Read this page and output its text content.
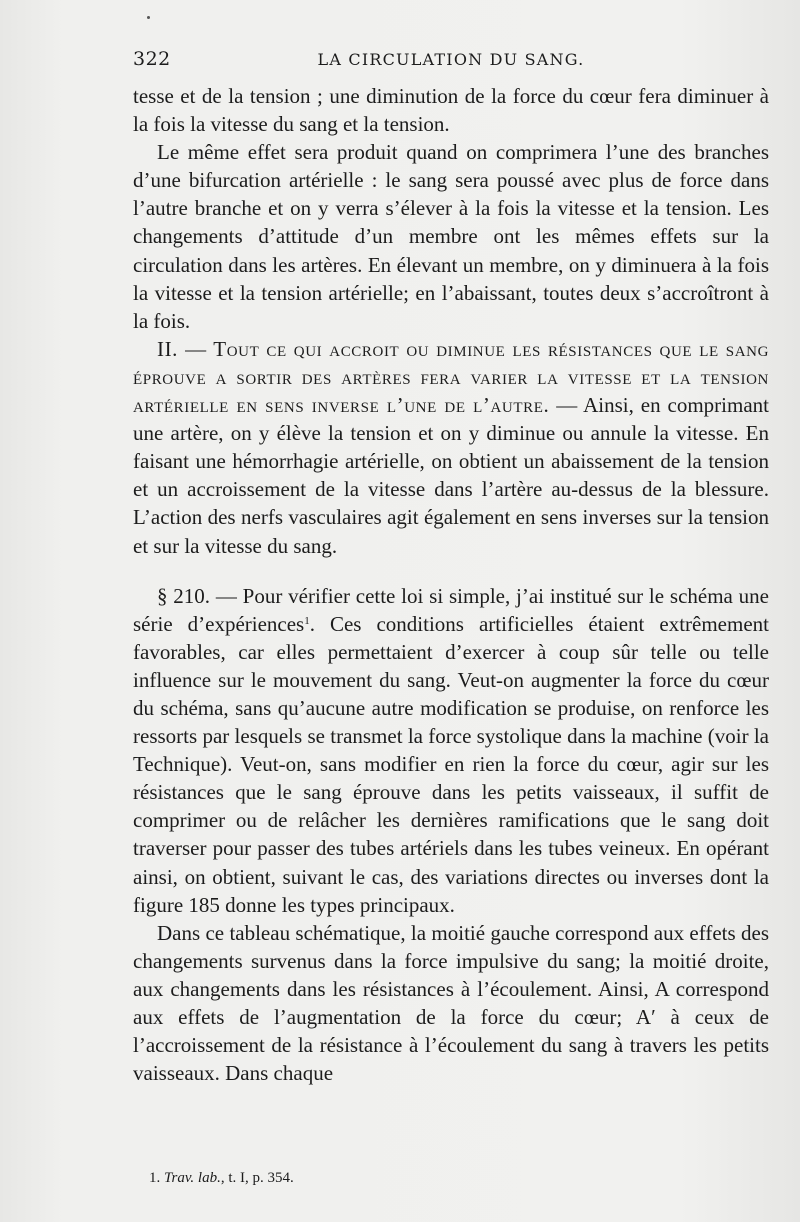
322	LA CIRCULATION DU SANG.

tesse et de la tension ; une diminution de la force du cœur fera diminuer à la fois la vitesse du sang et la tension.

Le même effet sera produit quand on comprimera l’une des branches d’une bifurcation artérielle : le sang sera poussé avec plus de force dans l’autre branche et on y verra s’élever à la fois la vitesse et la tension. Les changements d’attitude d’un membre ont les mêmes effets sur la circulation dans les artères. En élevant un membre, on y diminuera à la fois la vitesse et la tension artérielle; en l’abaissant, toutes deux s’accroîtront à la fois.

II. — Tout ce qui accroit ou diminue les résistances que le sang éprouve a sortir des artères fera varier la vitesse et la tension artérielle en sens inverse l’une de l’autre. — Ainsi, en comprimant une artère, on y élève la tension et on y diminue ou annule la vitesse. En faisant une hémorrhagie artérielle, on obtient un abaissement de la tension et un accroissement de la vitesse dans l’artère au-dessus de la blessure. L’action des nerfs vasculaires agit également en sens inverses sur la tension et sur la vitesse du sang.

§ 210. — Pour vérifier cette loi si simple, j’ai institué sur le schéma une série d’expériences$^1$. Ces conditions artificielles étaient extrêmement favorables, car elles permettaient d’exercer à coup sûr telle ou telle influence sur le mouvement du sang. Veut-on augmenter la force du cœur du schéma, sans qu’aucune autre modification se produise, on renforce les ressorts par lesquels se transmet la force systolique dans la machine (voir la Technique). Veut-on, sans modifier en rien la force du cœur, agir sur les résistances que le sang éprouve dans les petits vaisseaux, il suffit de comprimer ou de relâcher les dernières ramifications que le sang doit traverser pour passer des tubes artériels dans les tubes veineux. En opérant ainsi, on obtient, suivant le cas, des variations directes ou inverses dont la figure 185 donne les types principaux.

Dans ce tableau schématique, la moitié gauche correspond aux effets des changements survenus dans la force impulsive du sang; la moitié droite, aux changements dans les résistances à l’écoulement. Ainsi, A correspond aux effets de l’augmentation de la force du cœur; A′ à ceux de l’accroissement de la résistance à l’écoulement du sang à travers les petits vaisseaux. Dans chaque

1. Trav. lab., t. I, p. 354.
